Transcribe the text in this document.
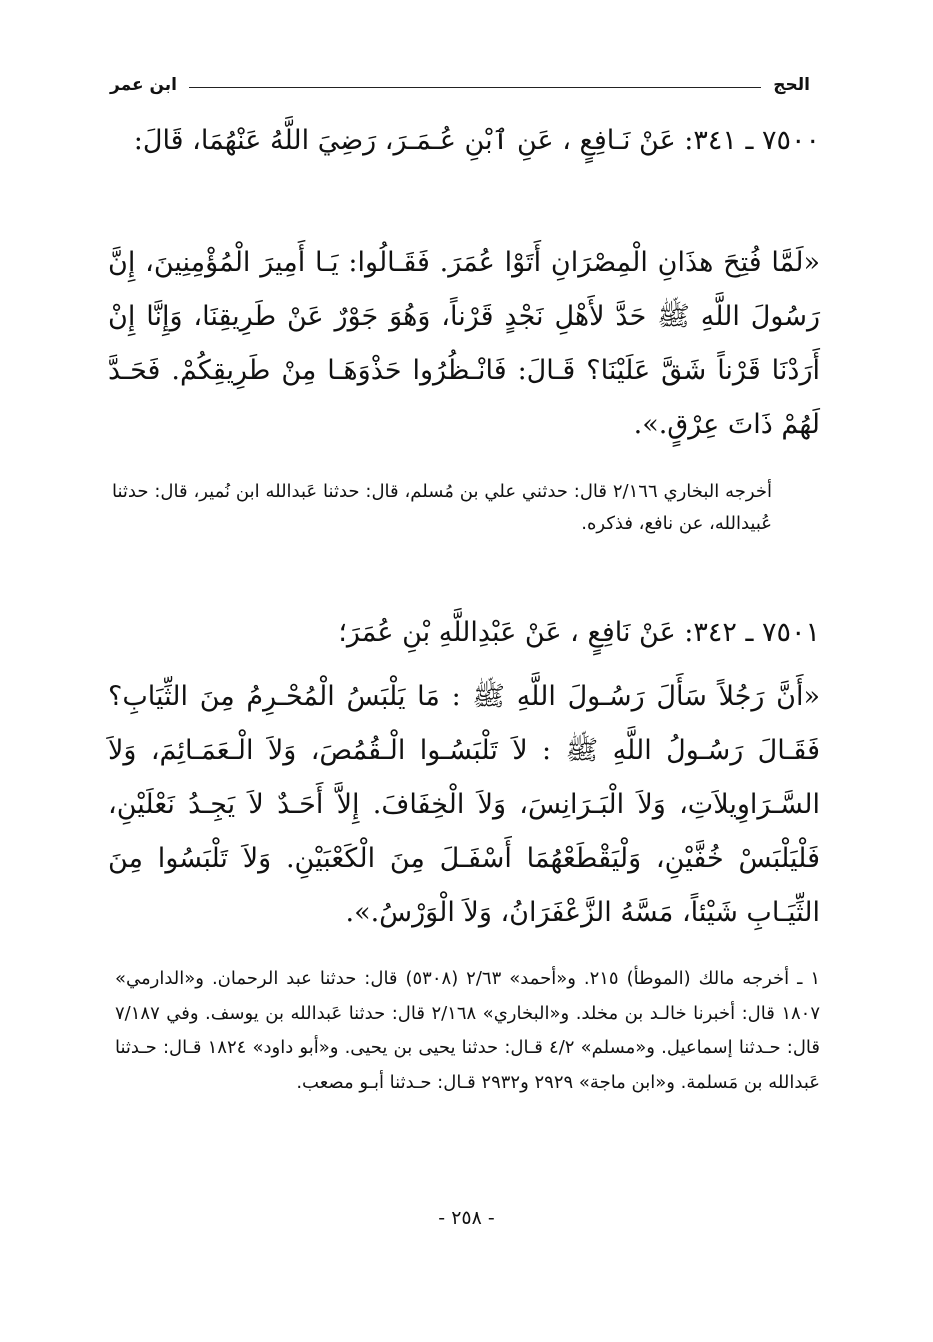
الحج
ابن عمر
٧٥٠٠ ـ ٣٤١: عَنْ نَـافِعٍ ، عَنِ ٱبْنِ عُـمَـرَ، رَضِيَ اللَّهُ عَنْهُمَا، قَالَ:
«لَمَّا فُتِحَ هذَانِ الْمِصْرَانِ أَتَوْا عُمَرَ. فَقَـالُوا: يَـا أَمِيرَ الْمُؤْمِنِينَ، إِنَّ رَسُولَ اللَّهِ ﷺ حَدَّ لأَهْلِ نَجْدٍ قَرْناً، وَهُوَ جَوْرٌ عَنْ طَرِيقِنَا، وَإِنَّا إِنْ أَرَدْنَا قَرْناً شَقَّ عَلَيْنَا؟ قَـالَ: فَانْـظُرُوا حَذْوَهَـا مِنْ طَرِيقِكُمْ. فَحَـدَّ لَهُمْ ذَاتَ عِرْقٍ.».
أخرجه البخاري ٢/١٦٦ قال: حدثني علي بن مُسلم، قال: حدثنا عَبدالله ابن نُمير، قال: حدثنا عُبيدالله، عن نافع، فذكره.
٧٥٠١ ـ ٣٤٢: عَنْ نَافِعٍ ، عَنْ عَبْدِاللَّهِ بْنِ عُمَرَ؛
«أَنَّ رَجُلاً سَأَلَ رَسُـولَ اللَّهِ ﷺ : مَا يَلْبَسُ الْمُحْـرِمُ مِنَ الثِّيَابِ؟ فَقَـالَ رَسُـولُ اللَّهِ ﷺ : لاَ تَلْبَسُـوا الْـقُمُصَ، وَلاَ الْـعَمَـائِمَ، وَلاَ السَّـرَاوِيلاَتِ، وَلاَ الْبَـرَانِسَ، وَلاَ الْخِفَافَ. إِلاَّ أَحَـدٌ لاَ يَجِـدُ نَعْلَيْنِ، فَلْيَلْبَسْ خُفَّيْنِ، وَلْيَقْطَعْهُمَا أَسْفَـلَ مِنَ الْكَعْبَيْنِ. وَلاَ تَلْبَسُوا مِنَ الثِّيَـابِ شَيْئاً، مَسَّهُ الزَّعْفَرَانُ، وَلاَ الْوَرْسُ.».
١ ـ أخرجه مالك (الموطأ) ٢١٥. و«أحمد» ٢/٦٣ (٥٣٠٨) قال: حدثنا عبد الرحمان. و«الدارمي» ١٨٠٧ قال: أخبرنا خالـد بن مخلد. و«البخاري» ٢/١٦٨ قال: حدثنا عَبدالله بن يوسف. وفي ٧/١٨٧ قال: حـدثنا إسماعيل. و«مسلم» ٤/٢ قـال: حدثنا يحيى بن يحيى. و«أبو داود» ١٨٢٤ قـال: حـدثنا عَبدالله بن مَسلمة. و«ابن ماجة» ٢٩٢٩ و٢٩٣٢ قـال: حـدثنا أبـو مصعب.
- ٢٥٨ -
